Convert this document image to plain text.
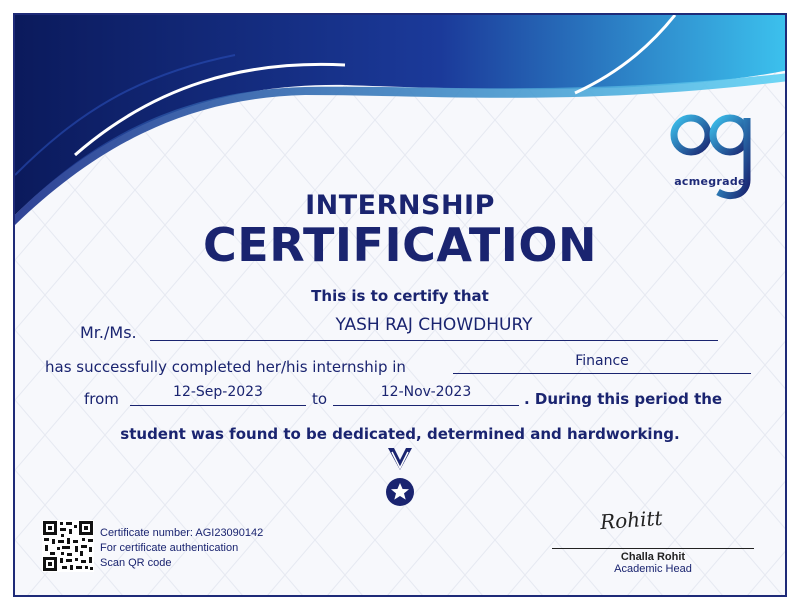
acmegrade
INTERNSHIP
CERTIFICATION
This is to certify that
Mr./Ms.	YASH RAJ CHOWDHURY
has successfully completed her/his internship in	Finance
from	12-Sep-2023	to	12-Nov-2023	. During this period the
student was found to be dedicated, determined and hardworking.
Certificate number: AGI23090142
For certificate authentication
Scan QR code
Rohitt
Challa Rohit
Academic Head
